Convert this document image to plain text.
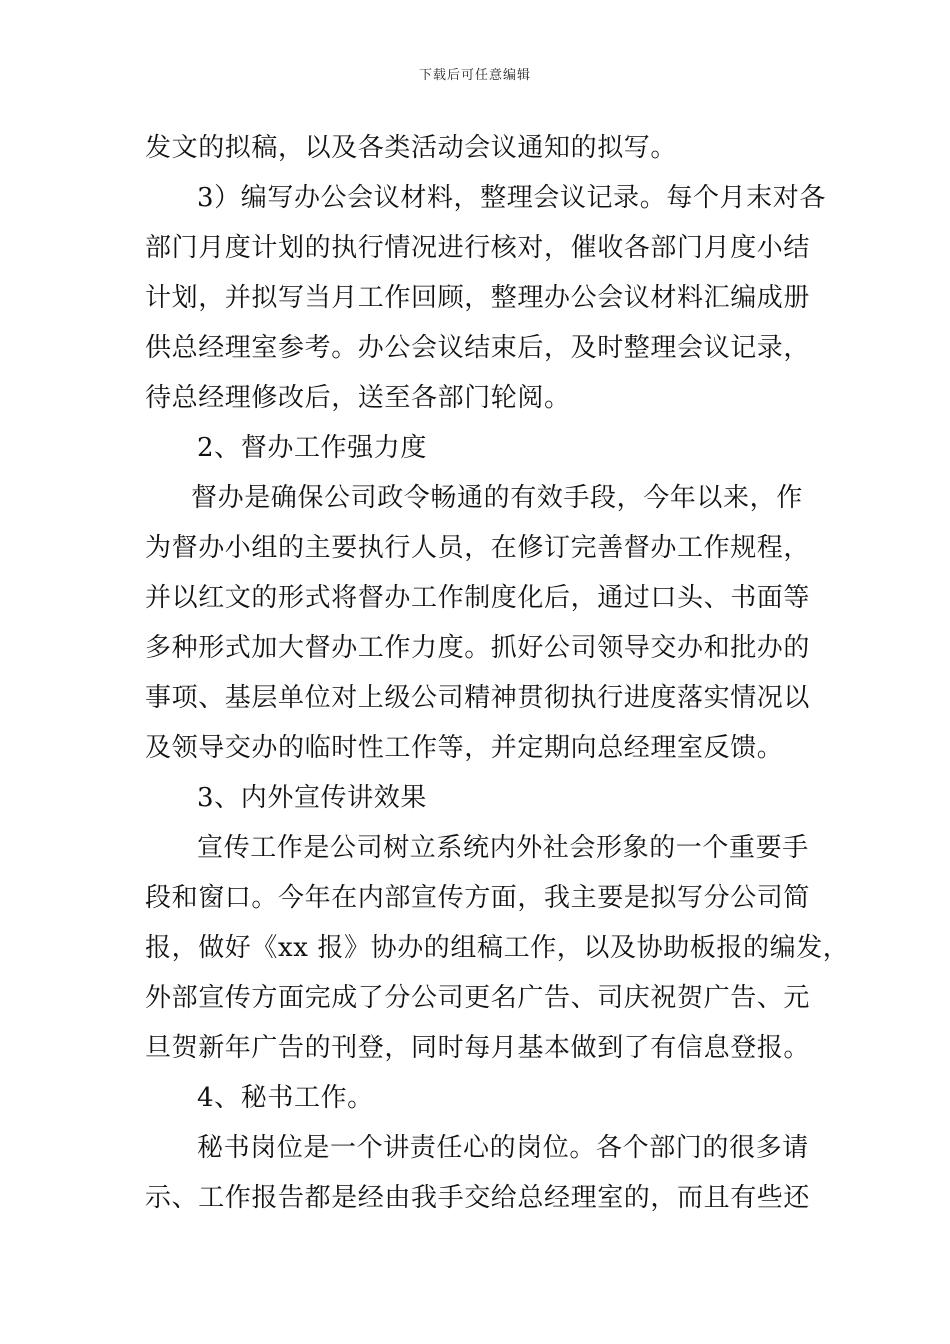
下载后可任意编辑
发文的拟稿，以及各类活动会议通知的拟写。
3）编写办公会议材料，整理会议记录。每个月末对各
部门月度计划的执行情况进行核对，催收各部门月度小结
计划，并拟写当月工作回顾，整理办公会议材料汇编成册
供总经理室参考。办公会议结束后，及时整理会议记录，
待总经理修改后，送至各部门轮阅。
2、督办工作强力度
督办是确保公司政令畅通的有效手段，今年以来，作
为督办小组的主要执行人员，在修订完善督办工作规程，
并以红文的形式将督办工作制度化后，通过口头、书面等
多种形式加大督办工作力度。抓好公司领导交办和批办的
事项、基层单位对上级公司精神贯彻执行进度落实情况以
及领导交办的临时性工作等，并定期向总经理室反馈。
3、内外宣传讲效果
宣传工作是公司树立系统内外社会形象的一个重要手
段和窗口。今年在内部宣传方面，我主要是拟写分公司简
报，做好《xx 报》协办的组稿工作，以及协助板报的编发，
外部宣传方面完成了分公司更名广告、司庆祝贺广告、元
旦贺新年广告的刊登，同时每月基本做到了有信息登报。
4、秘书工作。
秘书岗位是一个讲责任心的岗位。各个部门的很多请
示、工作报告都是经由我手交给总经理室的，而且有些还
